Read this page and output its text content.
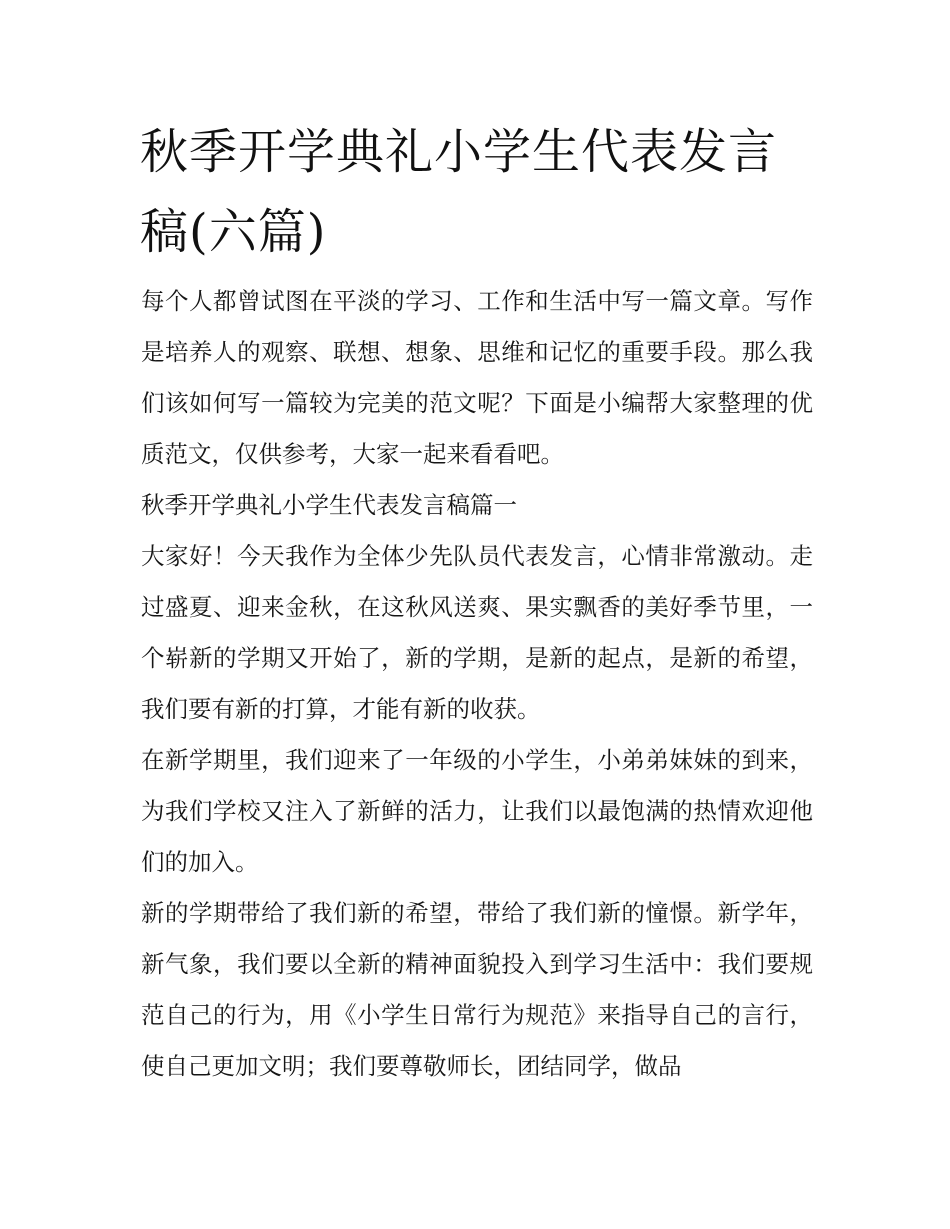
秋季开学典礼小学生代表发言稿(六篇)

每个人都曾试图在平淡的学习、工作和生活中写一篇文章。写作是培养人的观察、联想、想象、思维和记忆的重要手段。那么我们该如何写一篇较为完美的范文呢？下面是小编帮大家整理的优质范文，仅供参考，大家一起来看看吧。

秋季开学典礼小学生代表发言稿篇一

大家好！今天我作为全体少先队员代表发言，心情非常激动。走过盛夏、迎来金秋，在这秋风送爽、果实飘香的美好季节里，一个崭新的学期又开始了，新的学期，是新的起点，是新的希望，我们要有新的打算，才能有新的收获。

在新学期里，我们迎来了一年级的小学生，小弟弟妹妹的到来，为我们学校又注入了新鲜的活力，让我们以最饱满的热情欢迎他们的加入。

新的学期带给了我们新的希望，带给了我们新的憧憬。新学年，新气象，我们要以全新的精神面貌投入到学习生活中：我们要规范自己的行为，用《小学生日常行为规范》来指导自己的言行，使自己更加文明；我们要尊敬师长，团结同学，做品
